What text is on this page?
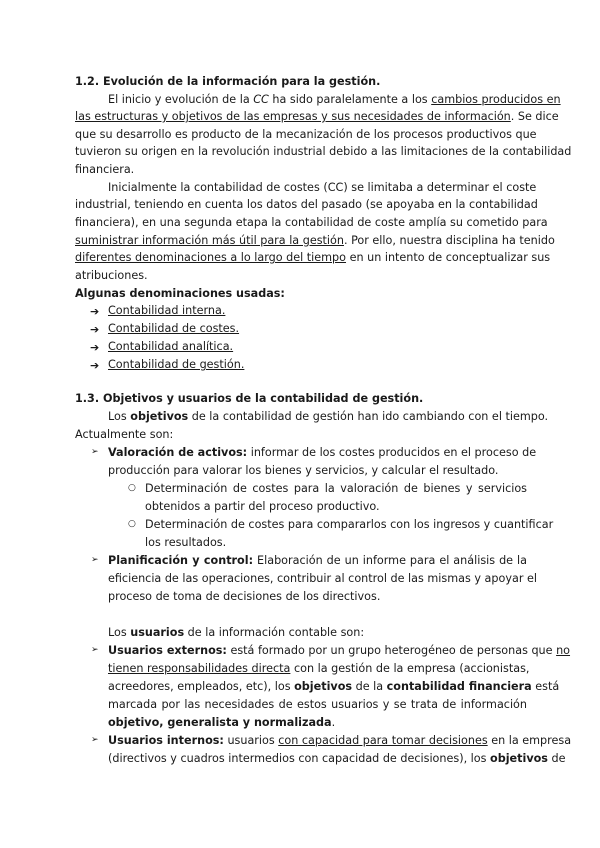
1.2. Evolución de la información para la gestión.
El inicio y evolución de la CC ha sido paralelamente a los cambios producidos en
las estructuras y objetivos de las empresas y sus necesidades de información. Se dice
que su desarrollo es producto de la mecanización de los procesos productivos que
tuvieron su origen en la revolución industrial debido a las limitaciones de la contabilidad
financiera.
Inicialmente la contabilidad de costes (CC) se limitaba a determinar el coste
industrial, teniendo en cuenta los datos del pasado (se apoyaba en la contabilidad
financiera), en una segunda etapa la contabilidad de coste amplía su cometido para
suministrar información más útil para la gestión. Por ello, nuestra disciplina ha tenido
diferentes denominaciones a lo largo del tiempo en un intento de conceptualizar sus
atribuciones.
Algunas denominaciones usadas:
➔ Contabilidad interna.
➔ Contabilidad de costes.
➔ Contabilidad analítica.
➔ Contabilidad de gestión.
1.3. Objetivos y usuarios de la contabilidad de gestión.
Los objetivos de la contabilidad de gestión han ido cambiando con el tiempo.
Actualmente son:
➢ Valoración de activos: informar de los costes producidos en el proceso de
producción para valorar los bienes y servicios, y calcular el resultado.
○ Determinación de costes para la valoración de bienes y servicios
obtenidos a partir del proceso productivo.
○ Determinación de costes para compararlos con los ingresos y cuantificar
los resultados.
➢ Planificación y control: Elaboración de un informe para el análisis de la
eficiencia de las operaciones, contribuir al control de las mismas y apoyar el
proceso de toma de decisiones de los directivos.
Los usuarios de la información contable son:
➢ Usuarios externos: está formado por un grupo heterogéneo de personas que no
tienen responsabilidades directa con la gestión de la empresa (accionistas,
acreedores, empleados, etc), los objetivos de la contabilidad financiera está
marcada por las necesidades de estos usuarios y se trata de información
objetivo, generalista y normalizada.
➢ Usuarios internos: usuarios con capacidad para tomar decisiones en la empresa
(directivos y cuadros intermedios con capacidad de decisiones), los objetivos de
